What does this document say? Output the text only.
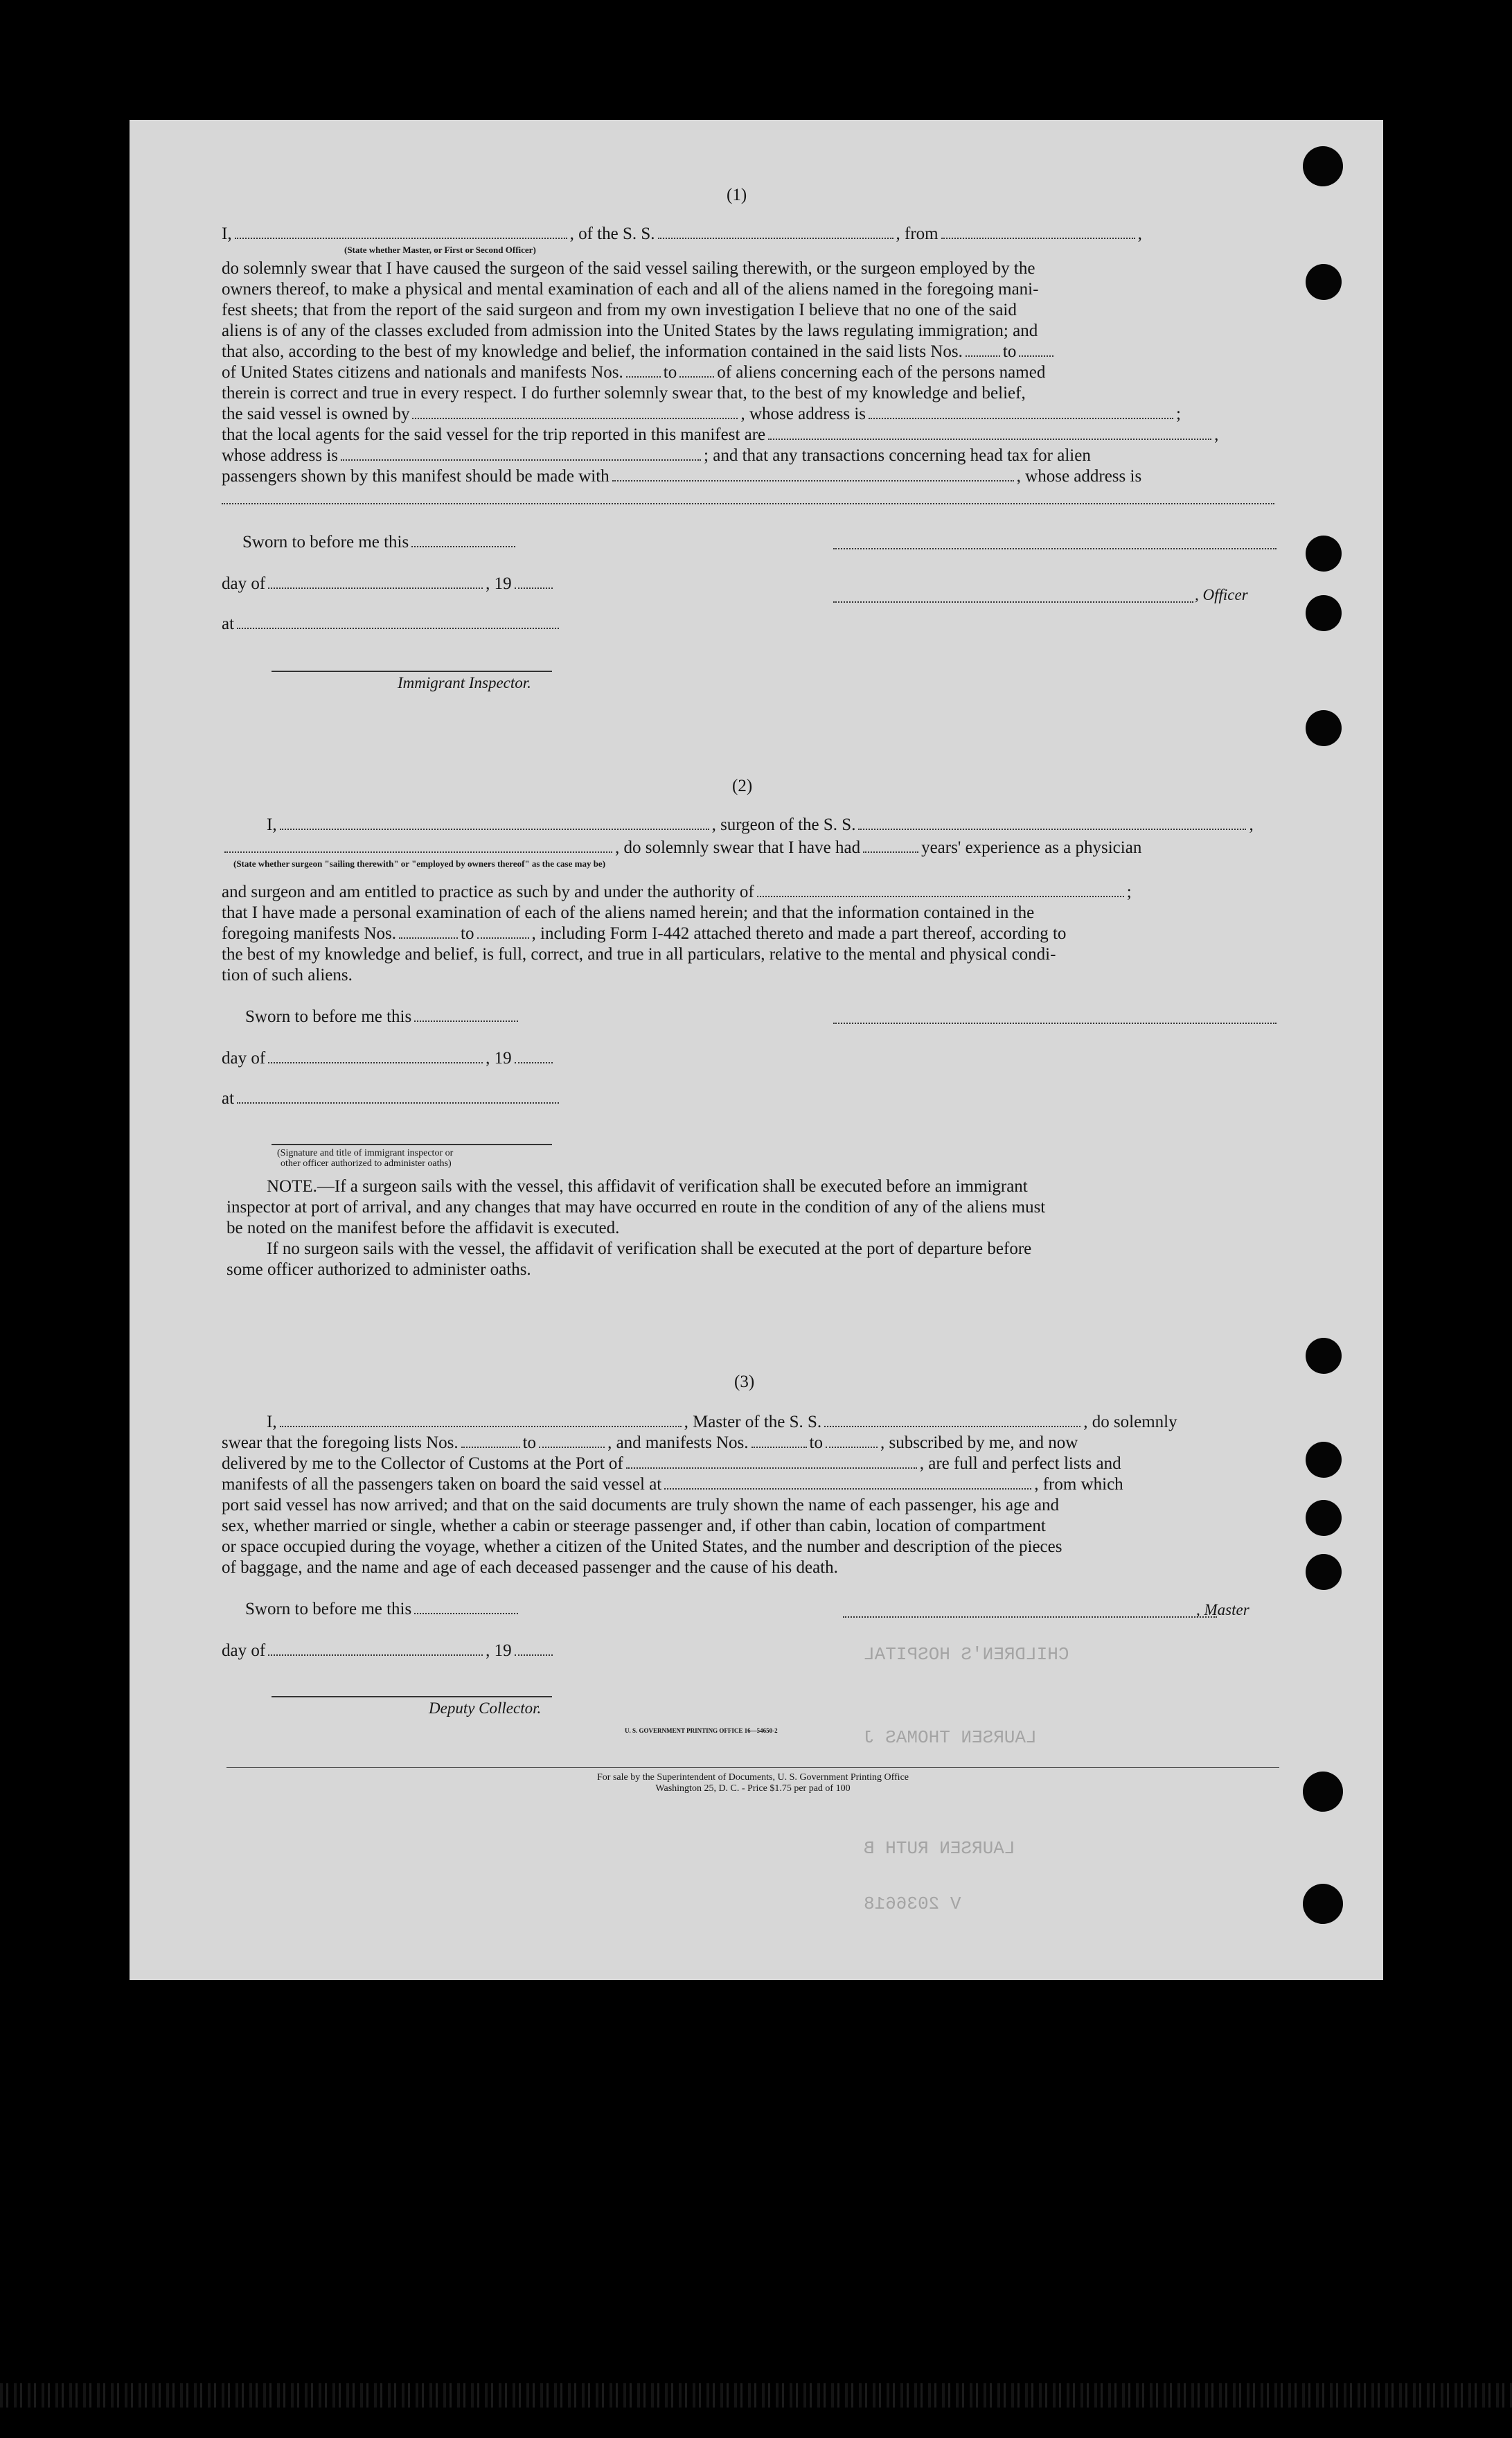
CHILDREN'S HOSPITAL
LAURSEN THOMAS J
LAURSEN RUTH B
V 2036618
(1)
I,	, of the S. S.	, from	,
(State whether Master, or First or Second Officer)
do solemnly swear that I have caused the surgeon of the said vessel sailing therewith, or the surgeon employed by the
owners thereof, to make a physical and mental examination of each and all of the aliens named in the foregoing mani-
fest sheets; that from the report of the said surgeon and from my own investigation I believe that no one of the said
aliens is of any of the classes excluded from admission into the United States by the laws regulating immigration; and
that also, according to the best of my knowledge and belief, the information contained in the said lists Nos. to
of United States citizens and nationals and manifests Nos. to of aliens concerning each of the persons named
therein is correct and true in every respect. I do further solemnly swear that, to the best of my knowledge and belief,
the said vessel is owned by	, whose address is	;
that the local agents for the said vessel for the trip reported in this manifest are	,
whose address is	; and that any transactions concerning head tax for alien
passengers shown by this manifest should be made with	, whose address is
Sworn to before me this
day of	, 19
, Officer
at
Immigrant Inspector.
(2)
I,	, surgeon of the S. S.	,
, do solemnly swear that I have had	years' experience as a physician
(State whether surgeon "sailing therewith" or "employed by owners thereof" as the case may be)
and surgeon and am entitled to practice as such by and under the authority of	;
that I have made a personal examination of each of the aliens named herein; and that the information contained in the
foregoing manifests Nos.	to	, including Form I-442 attached thereto and made a part thereof, according to
the best of my knowledge and belief, is full, correct, and true in all particulars, relative to the mental and physical condi-
tion of such aliens.
Sworn to before me this
day of	, 19
at
(Signature and title of immigrant inspector or
other officer authorized to administer oaths)
NOTE.—If a surgeon sails with the vessel, this affidavit of verification shall be executed before an immigrant
inspector at port of arrival, and any changes that may have occurred en route in the condition of any of the aliens must
be noted on the manifest before the affidavit is executed.
If no surgeon sails with the vessel, the affidavit of verification shall be executed at the port of departure before
some officer authorized to administer oaths.
(3)
I,	, Master of the S. S.	, do solemnly
swear that the foregoing lists Nos.	to	, and manifests Nos.	to	, subscribed by me, and now
delivered by me to the Collector of Customs at the Port of	, are full and perfect lists and
manifests of all the passengers taken on board the said vessel at	, from which
port said vessel has now arrived; and that on the said documents are truly shown the name of each passenger, his age and
sex, whether married or single, whether a cabin or steerage passenger and, if other than cabin, location of compartment
or space occupied during the voyage, whether a citizen of the United States, and the number and description of the pieces
of baggage, and the name and age of each deceased passenger and the cause of his death.
Sworn to before me this	, Master
day of	, 19
Deputy Collector.
U. S. GOVERNMENT PRINTING OFFICE 16—54650-2
For sale by the Superintendent of Documents, U. S. Government Printing Office
Washington 25, D. C. - Price $1.75 per pad of 100
